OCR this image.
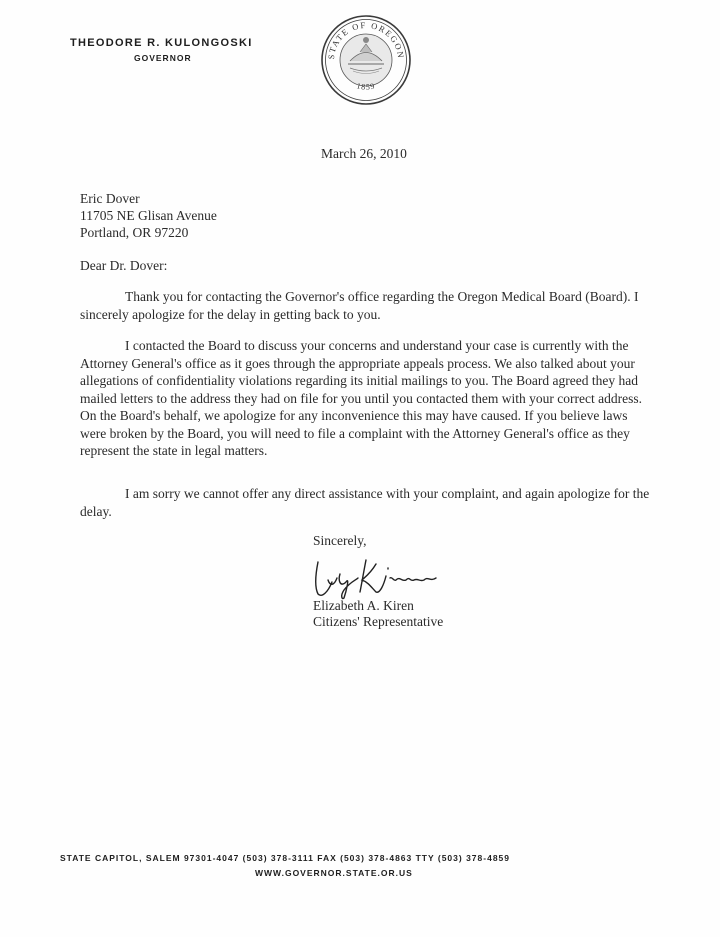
THEODORE R. KULONGOSKI
GOVERNOR	STATE OF OREGON
1859
March 26, 2010
Eric Dover
11705 NE Glisan Avenue
Portland, OR 97220
Dear Dr. Dover:

Thank you for contacting the Governor's office regarding the Oregon Medical Board (Board). I sincerely apologize for the delay in getting back to you.

I contacted the Board to discuss your concerns and understand your case is currently with the Attorney General's office as it goes through the appropriate appeals process. We also talked about your allegations of confidentiality violations regarding its initial mailings to you. The Board agreed they had mailed letters to the address they had on file for you until you contacted them with your correct address. On the Board's behalf, we apologize for any inconvenience this may have caused. If you believe laws were broken by the Board, you will need to file a complaint with the Attorney General's office as they represent the state in legal matters.

I am sorry we cannot offer any direct assistance with your complaint, and again apologize for the delay.

Sincerely,
Elizabeth A. Kiren
Citizens' Representative
STATE CAPITOL, SALEM 97301-4047 (503) 378-3111 FAX (503) 378-4863 TTY (503) 378-4859
WWW.GOVERNOR.STATE.OR.US
